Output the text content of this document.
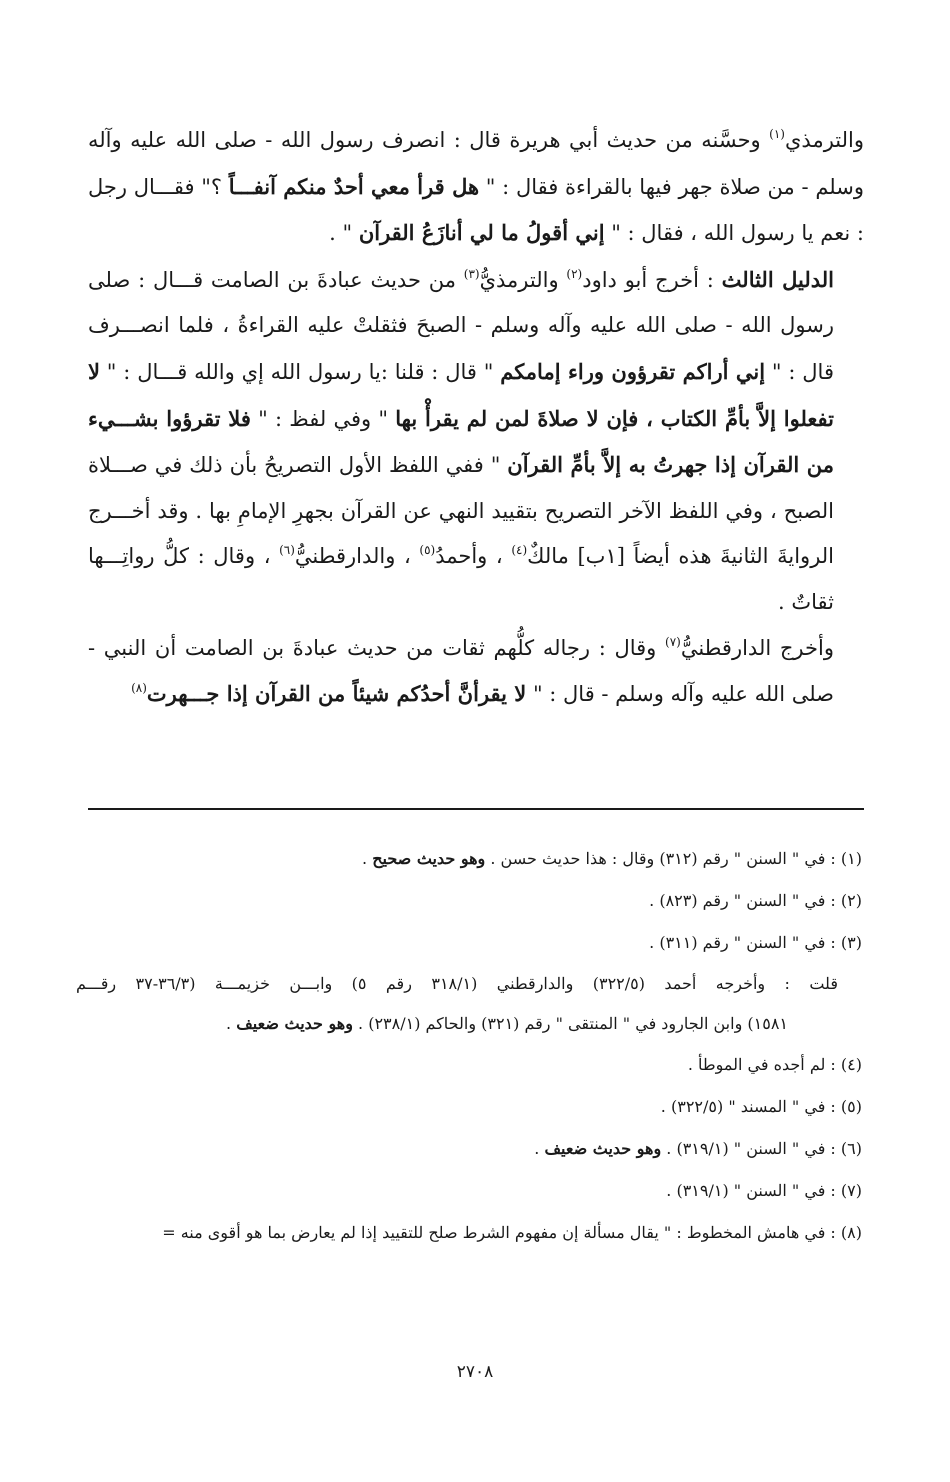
والترمذي$^{(١)}$ وحسَّنه من حديث أبي هريرة قال : انصرف رسول الله - صلى الله عليه وآله وسلم - من صلاة جهر فيها بالقراءة فقال : " هل قرأ معي أحدٌ منكم آنفـــاً ؟" فقـــال رجل : نعم يا رسول الله ، فقال : " إني أقولُ ما لي أنازَعُ القرآن " .

الدليل الثالث : أخرج أبو داود$^{(٢)}$ والترمذيُّ$^{(٣)}$ من حديث عبادةَ بن الصامت قـــال : صلى رسول الله - صلى الله عليه وآله وسلم - الصبحَ فثقلتْ عليه القراءةُ ، فلما انصـــرف قال : " إني أراكم تقرؤون وراء إمامكم " قال : قلنا :يا رسول الله إي والله قـــال : " لا تفعلوا إلاَّ بأمِّ الكتاب ، فإن لا صلاةَ لمن لم يقرأْ بها " وفي لفظ : " فلا تقرؤوا بشـــيء من القرآن إذا جهرتُ به إلاَّ بأمِّ القرآن " ففي اللفظ الأول التصريحُ بأن ذلك في صـــلاة الصبح ، وفي اللفظ الآخر التصريح بتقييد النهي عن القرآن بجهرِ الإمامِ بها . وقد أخـــرج الروايةَ الثانيةَ هذه أيضاً [١ب] مالكٌ$^{(٤)}$ ، وأحمدُ$^{(٥)}$ ، والدارقطنيُّ$^{(٦)}$ ، وقال : كلُّ رواتِـــها ثقاتٌ .

وأخرج الدارقطنيُّ$^{(٧)}$ وقال : رجاله كلُّهم ثقات من حديث عبادةَ بن الصامت أن النبي - صلى الله عليه وآله وسلم - قال : " لا يقرأنَّ أحدُكم شيئاً من القرآن إذا جـــهرت$^{(٨)}$

(١) : في " السنن " رقم (٣١٢) وقال : هذا حديث حسن . وهو حديث صحيح .
(٢) : في " السنن " رقم (٨٢٣) .
(٣) : في " السنن " رقم (٣١١) .
قلت : وأخرجه أحمد (٣٢٢/٥) والدارقطني (٣١٨/١ رقم ٥) وابـــن خزيمـــة (٣٦/٣-٣٧ رقـــم
١٥٨١) وابن الجارود في " المنتقى " رقم (٣٢١) والحاكم (٢٣٨/١) . وهو حديث ضعيف .
(٤) : لم أجده في الموطأ .
(٥) : في " المسند " (٣٢٢/٥) .
(٦) : في " السنن " (٣١٩/١) . وهو حديث ضعيف .
(٧) : في " السنن " (٣١٩/١) .
(٨) : في هامش المخطوط : " يقال مسألة إن مفهوم الشرط صلح للتقييد إذا لم يعارض بما هو أقوى منه =
٢٧٠٨
